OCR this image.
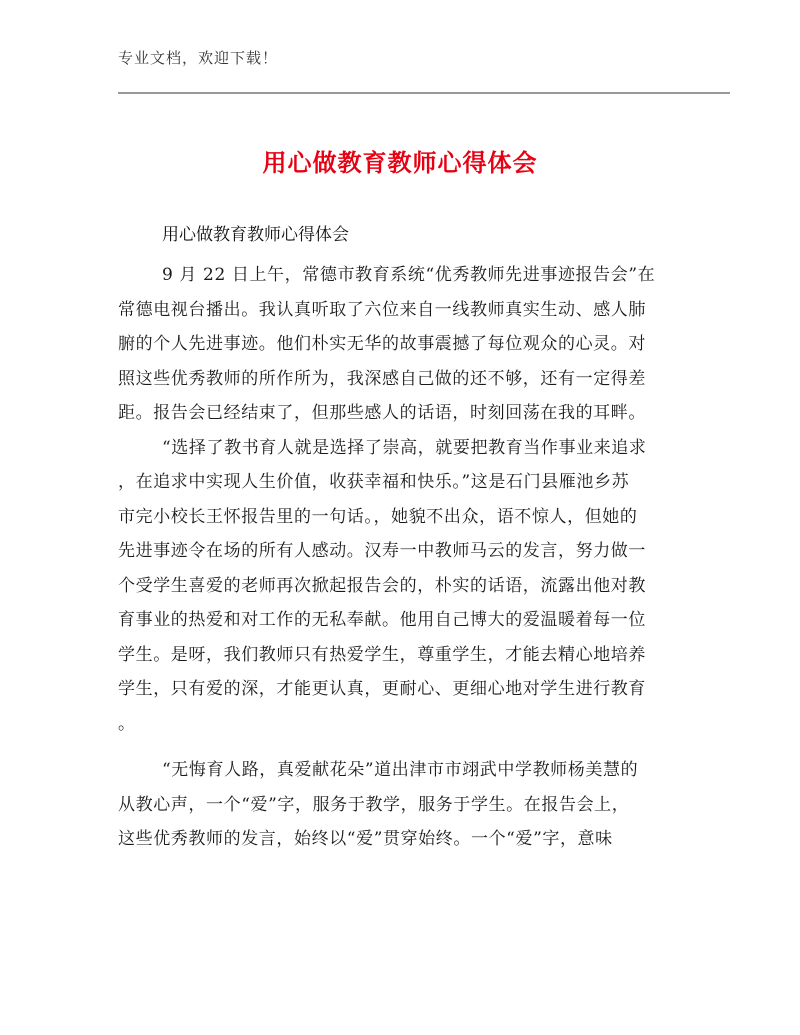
专业文档，欢迎下载！

用心做教育教师心得体会

用心做教育教师心得体会

9 月 22 日上午，常德市教育系统“优秀教师先进事迹报告会”在
常德电视台播出。我认真听取了六位来自一线教师真实生动、感人肺
腑的个人先进事迹。他们朴实无华的故事震撼了每位观众的心灵。对
照这些优秀教师的所作所为，我深感自己做的还不够，还有一定得差
距。报告会已经结束了，但那些感人的话语，时刻回荡在我的耳畔。
“选择了教书育人就是选择了崇高，就要把教育当作事业来追求
，在追求中实现人生价值，收获幸福和快乐。”这是石门县雁池乡苏
市完小校长王怀报告里的一句话。，她貌不出众，语不惊人，但她的
先进事迹令在场的所有人感动。汉寿一中教师马云的发言，努力做一
个受学生喜爱的老师再次掀起报告会的，朴实的话语，流露出他对教
育事业的热爱和对工作的无私奉献。他用自己博大的爱温暖着每一位
学生。是呀，我们教师只有热爱学生，尊重学生，才能去精心地培养
学生，只有爱的深，才能更认真，更耐心、更细心地对学生进行教育
。
“无悔育人路，真爱献花朵”道出津市市翊武中学教师杨美慧的
从教心声，一个“爱”字，服务于教学，服务于学生。在报告会上，
这些优秀教师的发言，始终以“爱”贯穿始终。一个“爱”字，意味
